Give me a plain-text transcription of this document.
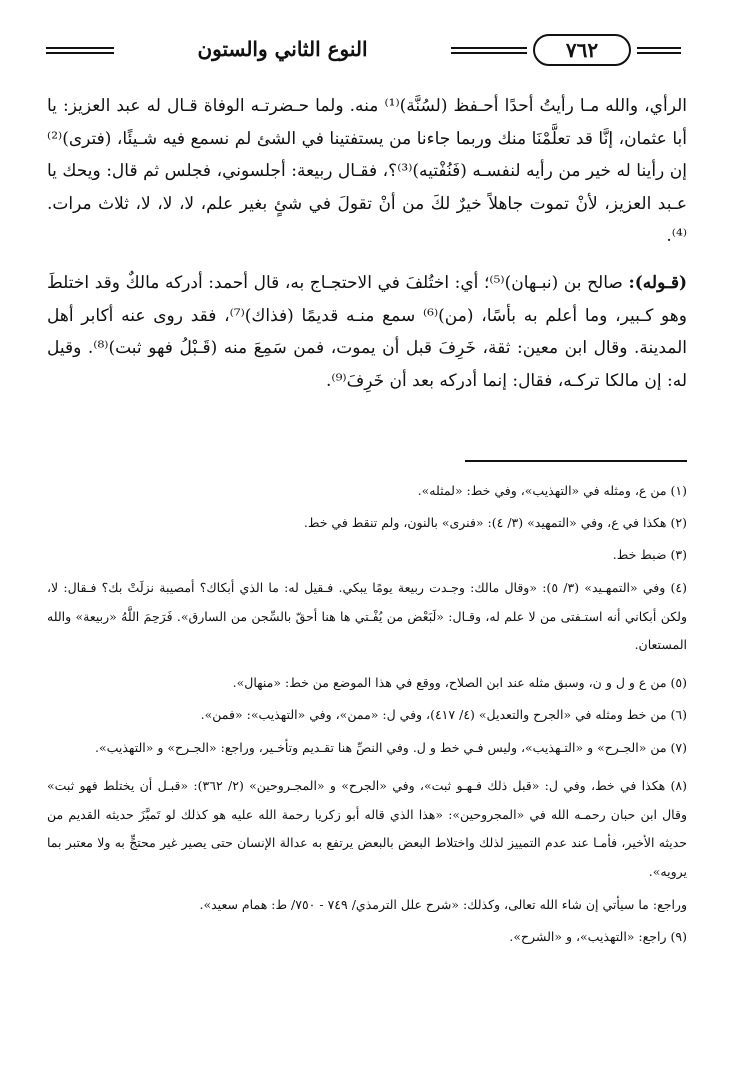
٧٦٢
النوع الثاني والستون

الرأي، والله مـا رأيتُ أحدًا أحـفظ (لسُنَّة)⁽¹⁾ منه. ولما حـضرتـه الوفاة قـال له عبد العزيز: يا أبا عثمان، إنَّا قد تعلَّمْنَا منك وربما جاءنا من يستفتينا في الشئ لم نسمع فيه شـيئًا، (فترى)⁽²⁾ إن رأينا له خير من رأيه لنفسـه (فَنُفْتيه)⁽³⁾؟، فقـال ربيعة: أجلسوني، فجلس ثم قال: ويحك يا عـبد العزيز، لأنْ تموت جاهلاً خيرٌ لكَ من أنْ تقولَ في شئٍ بغير علم، لا، لا، لا، ثلاث مرات.⁽⁴⁾.

(قـوله): صالح بن (نبـهان)⁽⁵⁾؛ أي: اختُلفَ في الاحتجـاج به، قال أحمد: أدركه مالكٌ وقد اختلطَ وهو كـبير، وما أعلم به بأسًا، (من)⁽⁶⁾ سمع منـه قديمًا (فذاك)⁽⁷⁾، فقد روى عنه أكابر أهل المدينة. وقال ابن معين: ثقة، خَرِفَ قبل أن يموت، فمن سَمِعَ منه (قَـبْلُ فهو ثبت)⁽⁸⁾. وقيل له: إن مالكا تركـه، فقال: إنما أدركه بعد أن خَرِفَ⁽⁹⁾.

(١) من ع، ومثله في «التهذيب»، وفي خط: «لمثله».

(٢) هكذا في ع، وفي «التمهيد» (٣/ ٤): «فنرى» بالنون، ولم تنقط في خط.

(٣) ضبط خط.

(٤) وفي «التمهـيد» (٣/ ٥): «وقال مالك: وجـدت ربيعة يومًا يبكي. فـقيل له: ما الذي أبكاك؟ أمصيبة نزلَتْ بك؟ فـقال: لا، ولكن أبكاني أنه استـفتى من لا علم له، وقـال: «لَبَعْض من يُفْـتي ها هنا أحقّ بالسِّجن من السارق». فَرَحِمَ اللَّهُ «ربيعة» والله المستعان.

(٥) من ع و ل و ن، وسبق مثله عند ابن الصلاح، ووقع في هذا الموضع من خط: «منهال».

(٦) من خط ومثله في «الجرح والتعديل» (٤/ ٤١٧)، وفي ل: «ممن»، وفي «التهذيب»: «فمن».

(٧) من «الجـرح» و «التـهذيب»، وليس فـي خط و ل. وفي النصِّ هنا تقـديم وتأخـير، وراجع: «الجـرح» و «التهذيب».

(٨) هكذا في خط، وفي ل: «قبل ذلك فـهـو ثبت»، وفي «الجرح» و «المجـروحين» (٢/ ٣٦٢): «قبـل أن يختلط فهو ثبت» وقال ابن حبان رحمـه الله في «المجروحين»: «هذا الذي قاله أبو زكريا رحمة الله عليه هو كذلك لو تَميَّزَ حديثه القديم من حديثه الأخير، فأمـا عند عدم التمييز لذلك واختلاط البعض بالبعض يرتفع به عدالة الإنسان حتى يصير غير محتجٍّ به ولا معتبر بما يرويه».

وراجع: ما سيأتي إن شاء الله تعالى، وكذلك: «شرح علل الترمذي/ ٧٤٩ - ٧٥٠/ ط: همام سعيد».

(٩) راجع: «التهذيب»، و «الشرح».
